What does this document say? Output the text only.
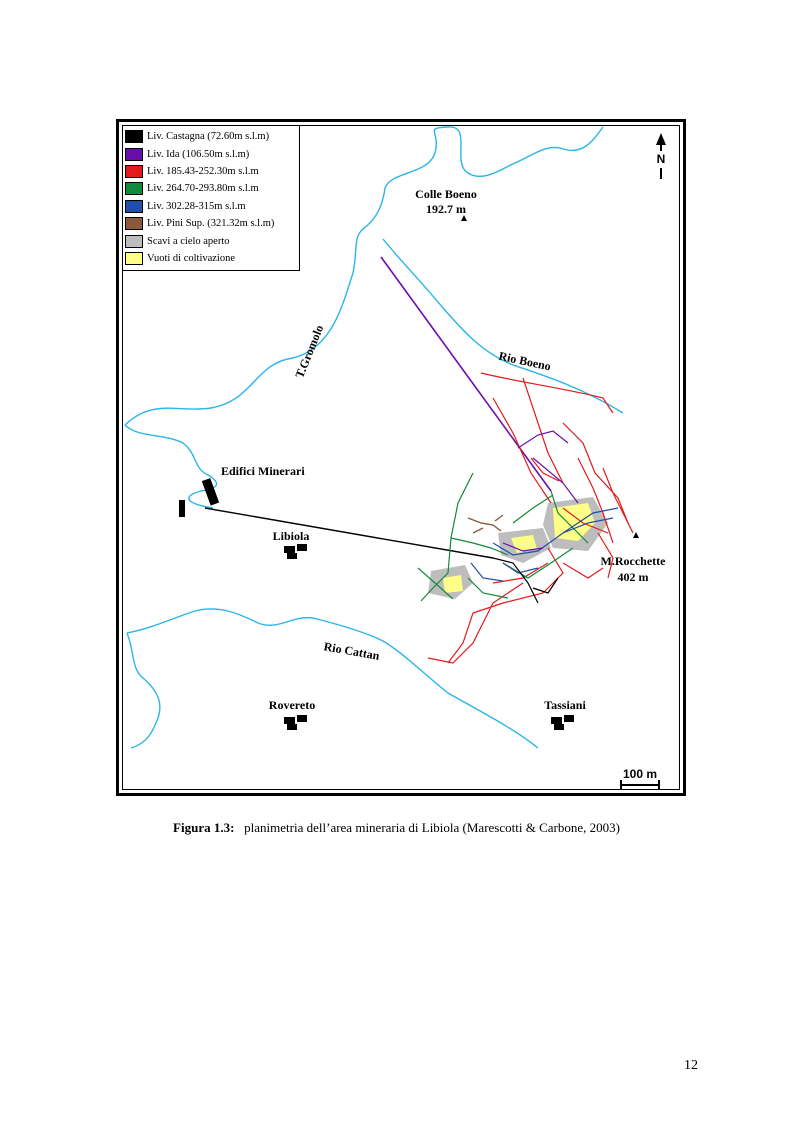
N
Colle Boeno
192.7 m
T.Gromolo	Rio Boeno
Edifici Minerari
Libiola
M.Rocchette
402 m
Rio Cattan
Rovereto	Tassiani
100 m
Liv. Castagna (72.60m s.l.m)
Liv. Ida (106.50m s.l.m)
Liv. 185.43-252.30m s.l.m
Liv. 264.70-293.80m s.l.m
Liv. 302.28-315m s.l.m
Liv. Pini Sup. (321.32m s.l.m)
Scavi a cielo aperto
Vuoti di coltivazione
Figura 1.3: planimetria dell’area mineraria di Libiola (Marescotti & Carbone, 2003)
12
